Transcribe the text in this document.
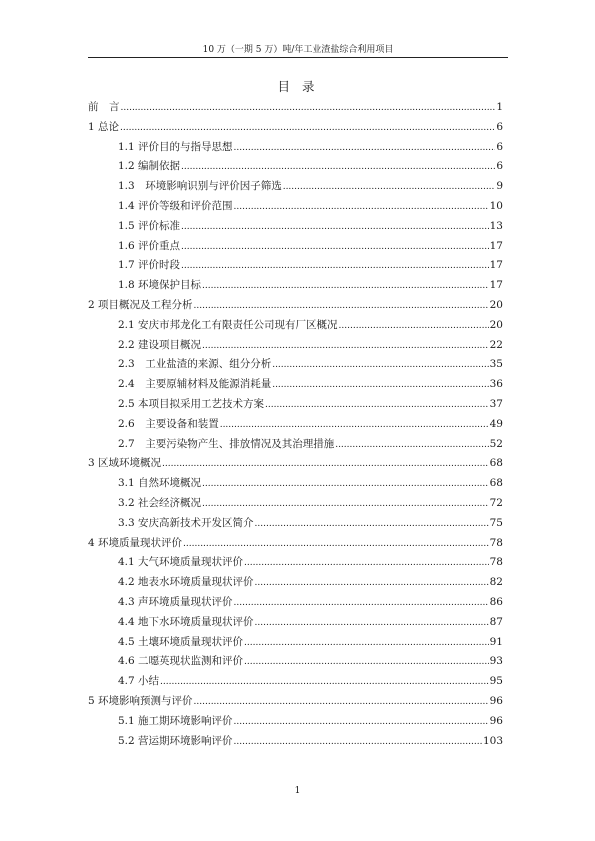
10 万（一期 5 万）吨/年工业渣盐综合利用项目
目 录
前　言 .....	1
1 总论 .....	6
1.1 评价目的与指导思想 .....	6
1.2 编制依据 .....	6
1.3　环境影响识别与评价因子筛选 .....	9
1.4 评价等级和评价范围 .....	10
1.5 评价标准 .....	13
1.6 评价重点 .....	17
1.7 评价时段 .....	17
1.8 环境保护目标 .....	17
2 项目概况及工程分析 .....	20
2.1 安庆市邦龙化工有限责任公司现有厂区概况 .....	20
2.2 建设项目概况 .....	22
2.3　工业盐渣的来源、组分分析 .....	35
2.4　主要原辅材料及能源消耗量 .....	36
2.5 本项目拟采用工艺技术方案 .....	37
2.6　主要设备和装置 .....	49
2.7　主要污染物产生、排放情况及其治理措施 .....	52
3 区域环境概况 .....	68
3.1 自然环境概况 .....	68
3.2 社会经济概况 .....	72
3.3 安庆高新技术开发区简介 .....	75
4 环境质量现状评价 .....	78
4.1 大气环境质量现状评价 .....	78
4.2 地表水环境质量现状评价 .....	82
4.3 声环境质量现状评价 .....	86
4.4 地下水环境质量现状评价 .....	87
4.5 土壤环境质量现状评价 .....	91
4.6 二噁英现状监测和评价 .....	93
4.7 小结 .....	95
5 环境影响预测与评价 .....	96
5.1 施工期环境影响评价 .....	96
5.2 营运期环境影响评价 .....	103
1
